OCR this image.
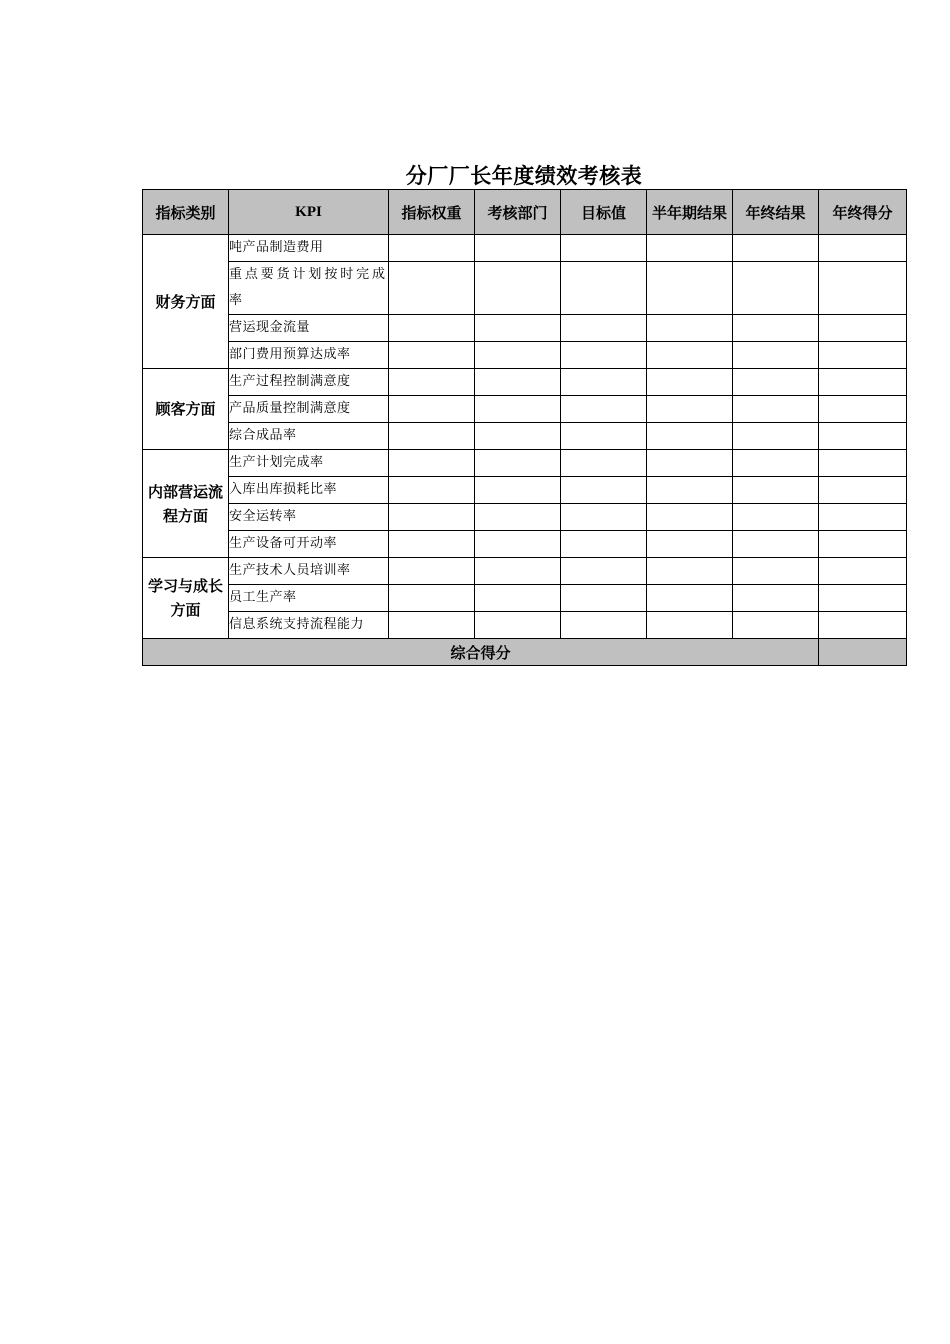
分厂厂长年度绩效考核表
指标类别	KPI	指标权重	考核部门	目标值	半年期结果	年终结果	年终得分
财务方面	吨产品制造费用						
	重点要货计划按时完成率						
	营运现金流量						
	部门费用预算达成率						
顾客方面	生产过程控制满意度						
	产品质量控制满意度						
	综合成品率						
内部营运流程方面	生产计划完成率						
	入库出库损耗比率						
	安全运转率						
	生产设备可开动率						
学习与成长方面	生产技术人员培训率						
	员工生产率						
	信息系统支持流程能力						
综合得分							
